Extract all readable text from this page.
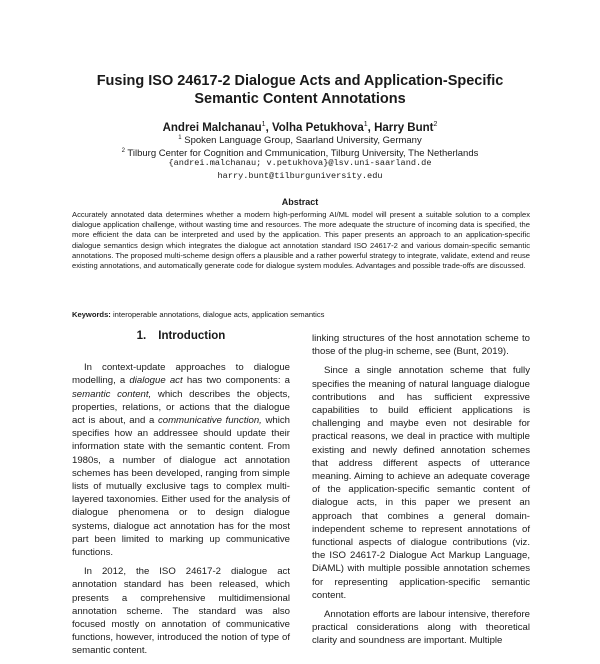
Fusing ISO 24617-2 Dialogue Acts and Application-Specific
Semantic Content Annotations
Andrei Malchanau$^1$, Volha Petukhova$^1$, Harry Bunt$^2$
$^1$ Spoken Language Group, Saarland University, Germany
$^2$ Tilburg Center for Cognition and Cmmunication, Tilburg University, The Netherlands
{andrei.malchanau; v.petukhova}@lsv.uni-saarland.de
harry.bunt@tilburguniversity.edu
Abstract

Accurately annotated data determines whether a modern high-performing AI/ML model will present a suitable solution to a complex dialogue application challenge, without wasting time and resources. The more adequate the structure of incoming data is specified, the more efficient the data can be interpreted and used by the application. This paper presents an approach to an application-specific dialogue semantics design which integrates the dialogue act annotation standard ISO 24617-2 and various domain-specific semantic annotations. The proposed multi-scheme design offers a plausible and a rather powerful strategy to integrate, validate, extend and reuse existing annotations, and automatically generate code for dialogue system modules. Advantages and possible trade-offs are discussed.

Keywords: interoperable annotations, dialogue acts, application semantics
1. Introduction

In context-update approaches to dialogue modelling, a dialogue act has two components: a semantic content, which describes the objects, properties, relations, or actions that the dialogue act is about, and a communicative function, which specifies how an addressee should update their information state with the semantic content. From 1980s, a number of dialogue act annotation schemes has been developed, ranging from simple lists of mutually exclusive tags to complex multi-layered taxonomies. Either used for the analysis of dialogue phenomena or to design dialogue systems, dialogue act annotation has for the most part been limited to marking up communicative functions.

In 2012, the ISO 24617-2 dialogue act annotation standard has been released, which presents a comprehensive multidimensional annotation scheme. The standard was also focused mostly on annotation of communicative functions, however, introduced the notion of type of semantic content.

linking structures of the host annotation scheme to those of the plug-in scheme, see (Bunt, 2019).

Since a single annotation scheme that fully specifies the meaning of natural language dialogue contributions and has sufficient expressive capabilities to build efficient applications is challenging and maybe even not desirable for practical reasons, we deal in practice with multiple existing and newly defined annotation schemes that address different aspects of utterance meaning. Aiming to achieve an adequate coverage of the application-specific semantic content of dialogue acts, in this paper we present an approach that combines a general domain-independent scheme to represent annotations of functional aspects of dialogue contributions (viz. the ISO 24617-2 Dialogue Act Markup Language, DiAML) with multiple possible annotation schemes for representing application-specific semantic content.

Annotation efforts are labour intensive, therefore practical considerations along with theoretical clarity and soundness are important. Multiple
